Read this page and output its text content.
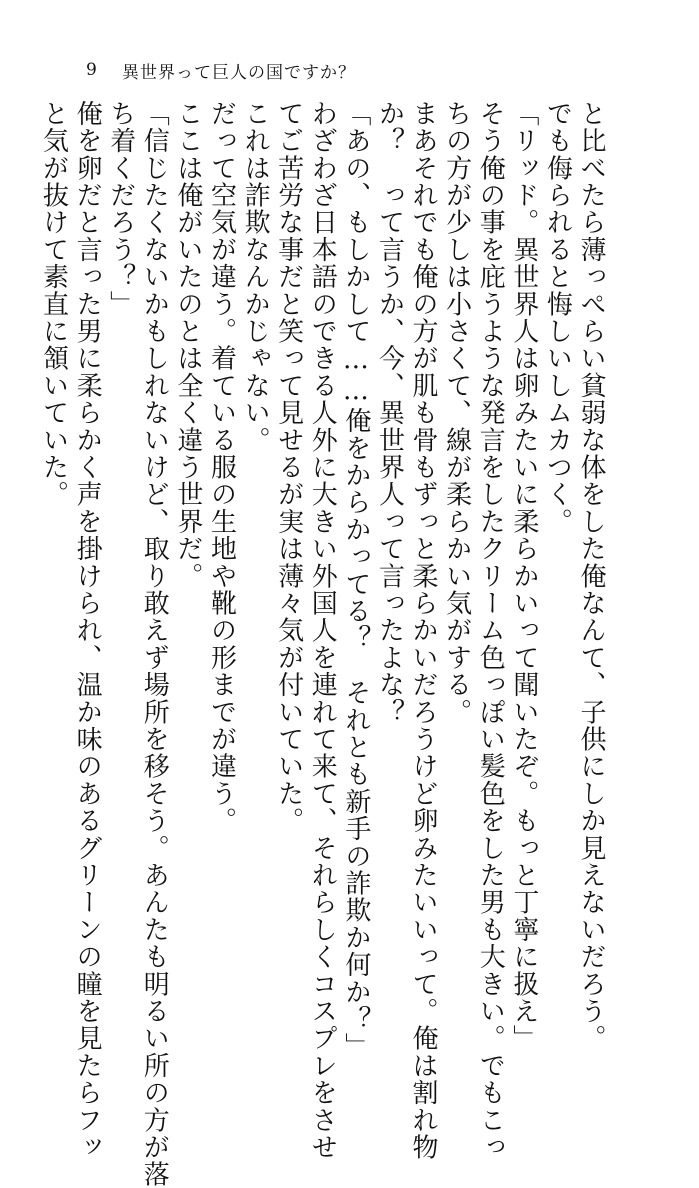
9	異世界って巨人の国ですか？
と比べたら薄っぺらい貧弱な体をした俺なんて、子供にしか見えないだろう。
でも侮られると悔しいしムカつく。
「リッド。異世界人は卵みたいに柔らかいって聞いたぞ。もっと丁寧に扱え」
そう俺の事を庇うような発言をしたクリーム色っぽい髪色をした男も大きい。でもこっ
ちの方が少しは小さくて、線が柔らかい気がする。
まあそれでも俺の方が肌も骨もずっと柔らかいだろうけど卵みたいいって。俺は割れ物
か？　って言うか、今、異世界人って言ったよな？
「あの、もしかして……俺をからかってる？　それとも新手の詐欺か何か？」
わざわざ日本語のできる人外に大きい外国人を連れて来て、それらしくコスプレをさせ
てご苦労な事だと笑って見せるが実は薄々気が付いていた。
これは詐欺なんかじゃない。
だって空気が違う。着ている服の生地や靴の形までが違う。
ここは俺がいたのとは全く違う世界だ。
「信じたくないかもしれないけど、取り敢えず場所を移そう。あんたも明るい所の方が落
ち着くだろう？」
俺を卵だと言った男に柔らかく声を掛けられ、温か味のあるグリーンの瞳を見たらフッ
と気が抜けて素直に頷いていた。
